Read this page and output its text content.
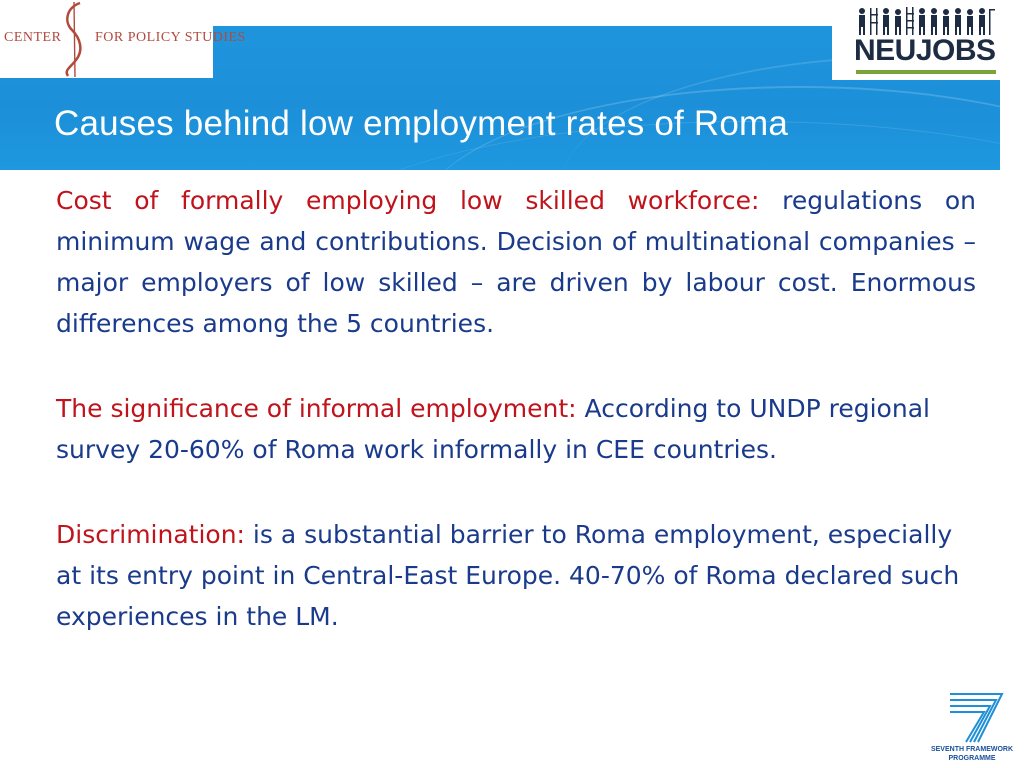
Causes behind low employment rates of Roma
CENTER FOR POLICY STUDIES	NEUJOBS

Cost of formally employing low skilled workforce: regulations on minimum wage and contributions. Decision of multinational companies – major employers of low skilled – are driven by labour cost. Enormous differences among the 5 countries.

The significance of informal employment: According to UNDP regional survey 20-60% of Roma work informally in CEE countries.

Discrimination: is a substantial barrier to Roma employment, especially at its entry point in Central-East Europe. 40-70% of Roma declared such experiences in the LM.

SEVENTH FRAMEWORK
PROGRAMME
